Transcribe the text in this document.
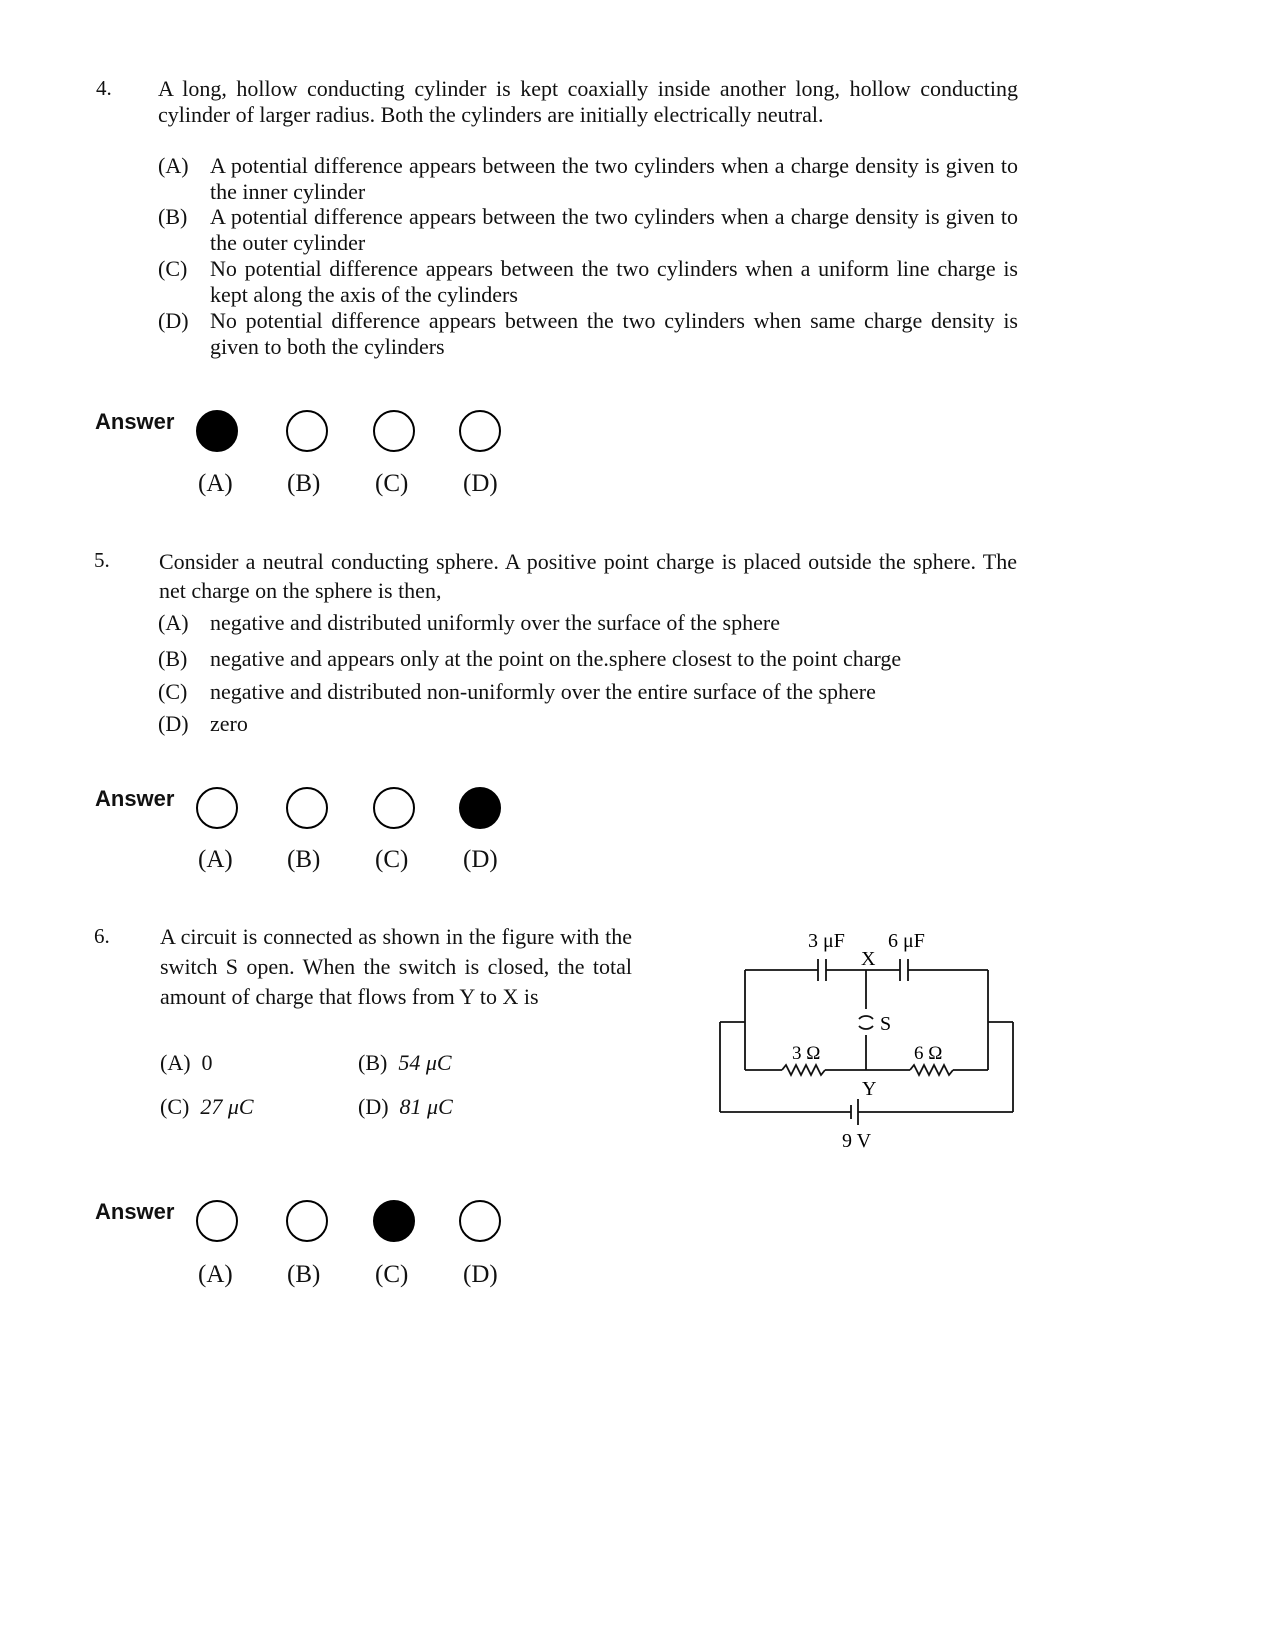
4. A long, hollow conducting cylinder is kept coaxially inside another long, hollow conducting cylinder of larger radius. Both the cylinders are initially electrically neutral.
(A) A potential difference appears between the two cylinders when a charge density is given to the inner cylinder
(B) A potential difference appears between the two cylinders when a charge density is given to the outer cylinder
(C) No potential difference appears between the two cylinders when a uniform line charge is kept along the axis of the cylinders
(D) No potential difference appears between the two cylinders when same charge density is given to both the cylinders
Answer
(A) (B) (C) (D)
5. Consider a neutral conducting sphere. A positive point charge is placed outside the sphere. The net charge on the sphere is then,
(A) negative and distributed uniformly over the surface of the sphere
(B) negative and appears only at the point on the.sphere closest to the point charge
(C) negative and distributed non-uniformly over the entire surface of the sphere
(D) zero
Answer
(A) (B) (C) (D)
6. A circuit is connected as shown in the figure with the switch S open. When the switch is closed, the total amount of charge that flows from Y to X is
(A) 0	(B) 54 μC
(C) 27 μC	(D) 81 μC
3 μF 6 μF
X
S
3 Ω	6 Ω
Y
9 V
Answer
(A) (B) (C) (D)
